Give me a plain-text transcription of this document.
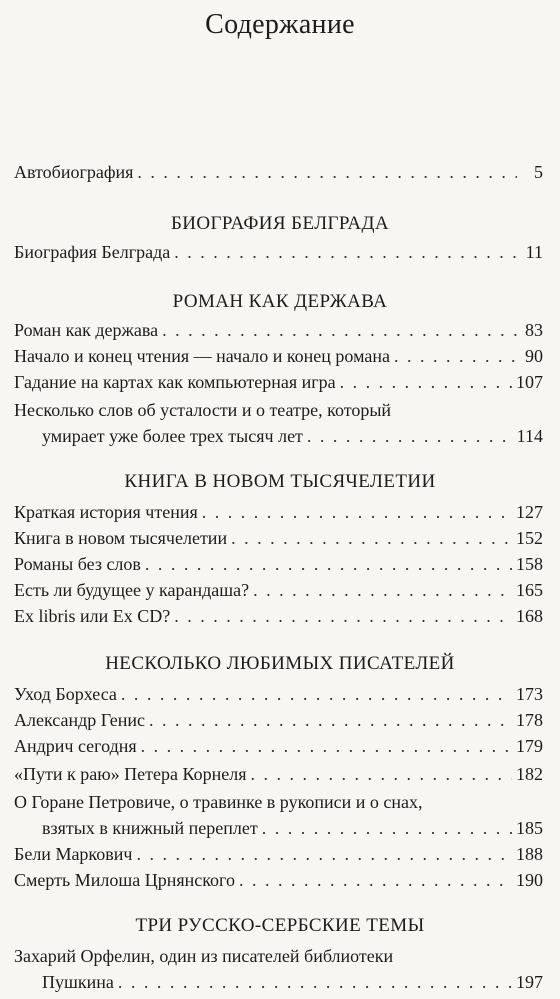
Содержание
Автобиография . . .	5
БИОГРАФИЯ БЕЛГРАДА
Биография Белграда . . .	11
РОМАН КАК ДЕРЖАВА
Роман как держава . . .	83
Начало и конец чтения — начало и конец романа . . .	90
Гадание на картах как компьютерная игра . . .	107
Несколько слов об усталости и о театре, который
умирает уже более трех тысяч лет . . .	114
КНИГА В НОВОМ ТЫСЯЧЕЛЕТИИ
Краткая история чтения . . .	127
Книга в новом тысячелетии . . .	152
Романы без слов . . .	158
Есть ли будущее у карандаша? . . .	165
Ex libris или Ex CD? . . .	168
НЕСКОЛЬКО ЛЮБИМЫХ ПИСАТЕЛЕЙ
Уход Борхеса . . .	173
Александр Генис . . .	178
Андрич сегодня . . .	179
«Пути к раю» Петера Корнеля . . .	182
О Горане Петровиче, о травинке в рукописи и о снах,
взятых в книжный переплет . . .	185
Бели Маркович . . .	188
Смерть Милоша Црнянского . . .	190
ТРИ РУССКО-СЕРБСКИЕ ТЕМЫ
Захарий Орфелин, один из писателей библиотеки
Пушкина . . .	197
